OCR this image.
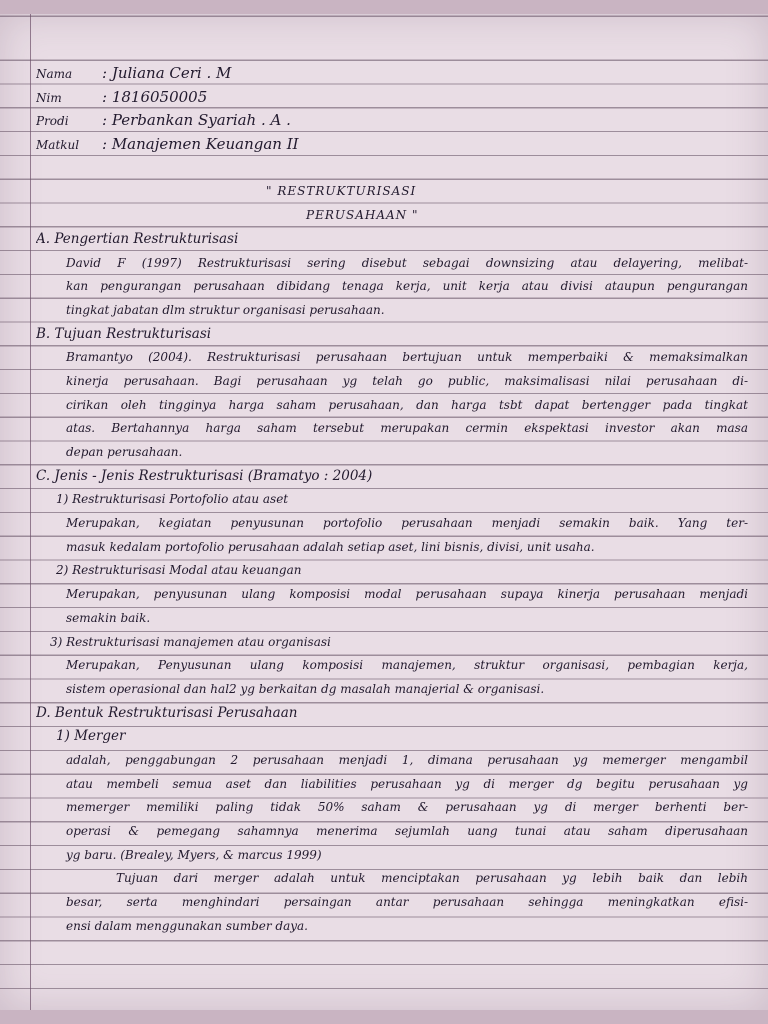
Nama : Juliana Ceri . M
Nim	: 1816050005
Prodi : Perbankan Syariah . A .
Matkul : Manajemen Keuangan II
" RESTRUKTURISASI
PERUSAHAAN "
A. Pengertian Restrukturisasi
David F (1997) Restrukturisasi sering disebut sebagai downsizing atau delayering, melibat-
kan pengurangan perusahaan dibidang tenaga kerja, unit kerja atau divisi ataupun pengurangan
tingkat jabatan dlm struktur organisasi perusahaan.
B. Tujuan Restrukturisasi
Bramantyo (2004). Restrukturisasi perusahaan bertujuan untuk memperbaiki & memaksimalkan
kinerja perusahaan. Bagi perusahaan yg telah go public, maksimalisasi nilai perusahaan di-
cirikan oleh tingginya harga saham perusahaan, dan harga tsbt dapat bertengger pada tingkat
atas. Bertahannya harga saham tersebut merupakan cermin ekspektasi investor akan masa
depan perusahaan.
C. Jenis - Jenis Restrukturisasi (Bramatyo : 2004)
1) Restrukturisasi Portofolio atau aset
Merupakan, kegiatan penyusunan portofolio perusahaan menjadi semakin baik. Yang ter-
masuk kedalam portofolio perusahaan adalah setiap aset, lini bisnis, divisi, unit usaha.
2) Restrukturisasi Modal atau keuangan
Merupakan, penyusunan ulang komposisi modal perusahaan supaya kinerja perusahaan menjadi
semakin baik.
3) Restrukturisasi manajemen atau organisasi
Merupakan, Penyusunan ulang komposisi manajemen, struktur organisasi, pembagian kerja,
sistem operasional dan hal2 yg berkaitan dg masalah manajerial & organisasi.
D. Bentuk Restrukturisasi Perusahaan
1) Merger
adalah, penggabungan 2 perusahaan menjadi 1, dimana perusahaan yg memerger mengambil
atau membeli semua aset dan liabilities perusahaan yg di merger dg begitu perusahaan yg
memerger memiliki paling tidak 50% saham & perusahaan yg di merger berhenti ber-
operasi & pemegang sahamnya menerima sejumlah uang tunai atau saham diperusahaan
yg baru. (Brealey, Myers, & marcus 1999)
Tujuan dari merger adalah untuk menciptakan perusahaan yg lebih baik dan lebih
besar, serta menghindari persaingan antar perusahaan sehingga meningkatkan efisi-
ensi dalam menggunakan sumber daya.
